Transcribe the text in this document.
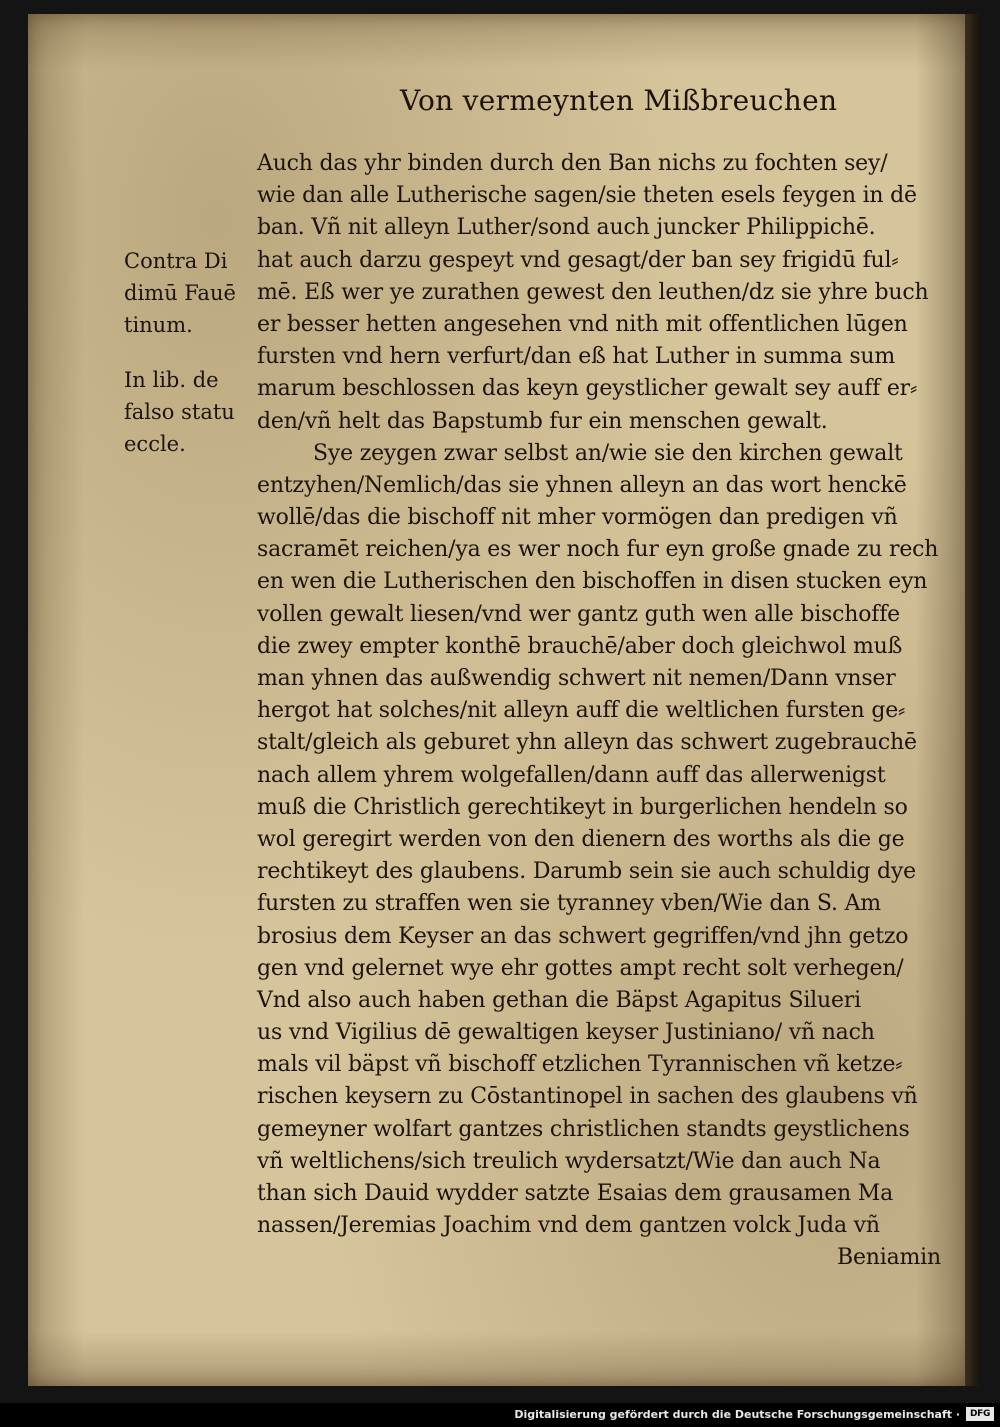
Von vermeynten Mißbreuchen
Contra Di
dimū Fauē
tinum.
In lib. de
falso statu
eccle.
Auch das yhr binden durch den Ban nichs zu fochten sey/
wie dan alle Lutherische sagen/sie theten esels feygen in dē
ban. Vñ nit alleyn Luther/sond auch juncker Philippichē.
hat auch darzu gespeyt vnd gesagt/der ban sey frigidū ful⸗
mē. Eß wer ye zurathen gewest den leuthen/dz sie yhre buch
er besser hetten angesehen vnd nith mit offentlichen lūgen
fursten vnd hern verfurt/dan eß hat Luther in summa sum
marum beschlossen das keyn geystlicher gewalt sey auff er⸗
den/vñ helt das Bapstumb fur ein menschen gewalt.
Sye zeygen zwar selbst an/wie sie den kirchen gewalt
entzyhen/Nemlich/das sie yhnen alleyn an das wort henckē
wollē/das die bischoff nit mher vormögen dan predigen vñ
sacramēt reichen/ya es wer noch fur eyn große gnade zu rech
en wen die Lutherischen den bischoffen in disen stucken eyn
vollen gewalt liesen/vnd wer gantz guth wen alle bischoffe
die zwey empter konthē brauchē/aber doch gleichwol muß
man yhnen das außwendig schwert nit nemen/Dann vnser
hergot hat solches/nit alleyn auff die weltlichen fursten ge⸗
stalt/gleich als geburet yhn alleyn das schwert zugebrauchē
nach allem yhrem wolgefallen/dann auff das allerwenigst
muß die Christlich gerechtikeyt in burgerlichen hendeln so
wol geregirt werden von den dienern des worths als die ge
rechtikeyt des glaubens. Darumb sein sie auch schuldig dye
fursten zu straffen wen sie tyranney vben/Wie dan S. Am
brosius dem Keyser an das schwert gegriffen/vnd jhn getzo
gen vnd gelernet wye ehr gottes ampt recht solt verhegen/
Vnd also auch haben gethan die Bäpst Agapitus Silueri
us vnd Vigilius dē gewaltigen keyser Justiniano/ vñ nach
mals vil bäpst vñ bischoff etzlichen Tyrannischen vñ ketze⸗
rischen keysern zu Cōstantinopel in sachen des glaubens vñ
gemeyner wolfart gantzes christlichen standts geystlichens
vñ weltlichens/sich treulich wydersatzt/Wie dan auch Na
than sich Dauid wydder satzte Esaias dem grausamen Ma
nassen/Jeremias Joachim vnd dem gantzen volck Juda vñ
Beniamin
Digitalisierung gefördert durch die Deutsche Forschungsgemeinschaft ·	DFG
